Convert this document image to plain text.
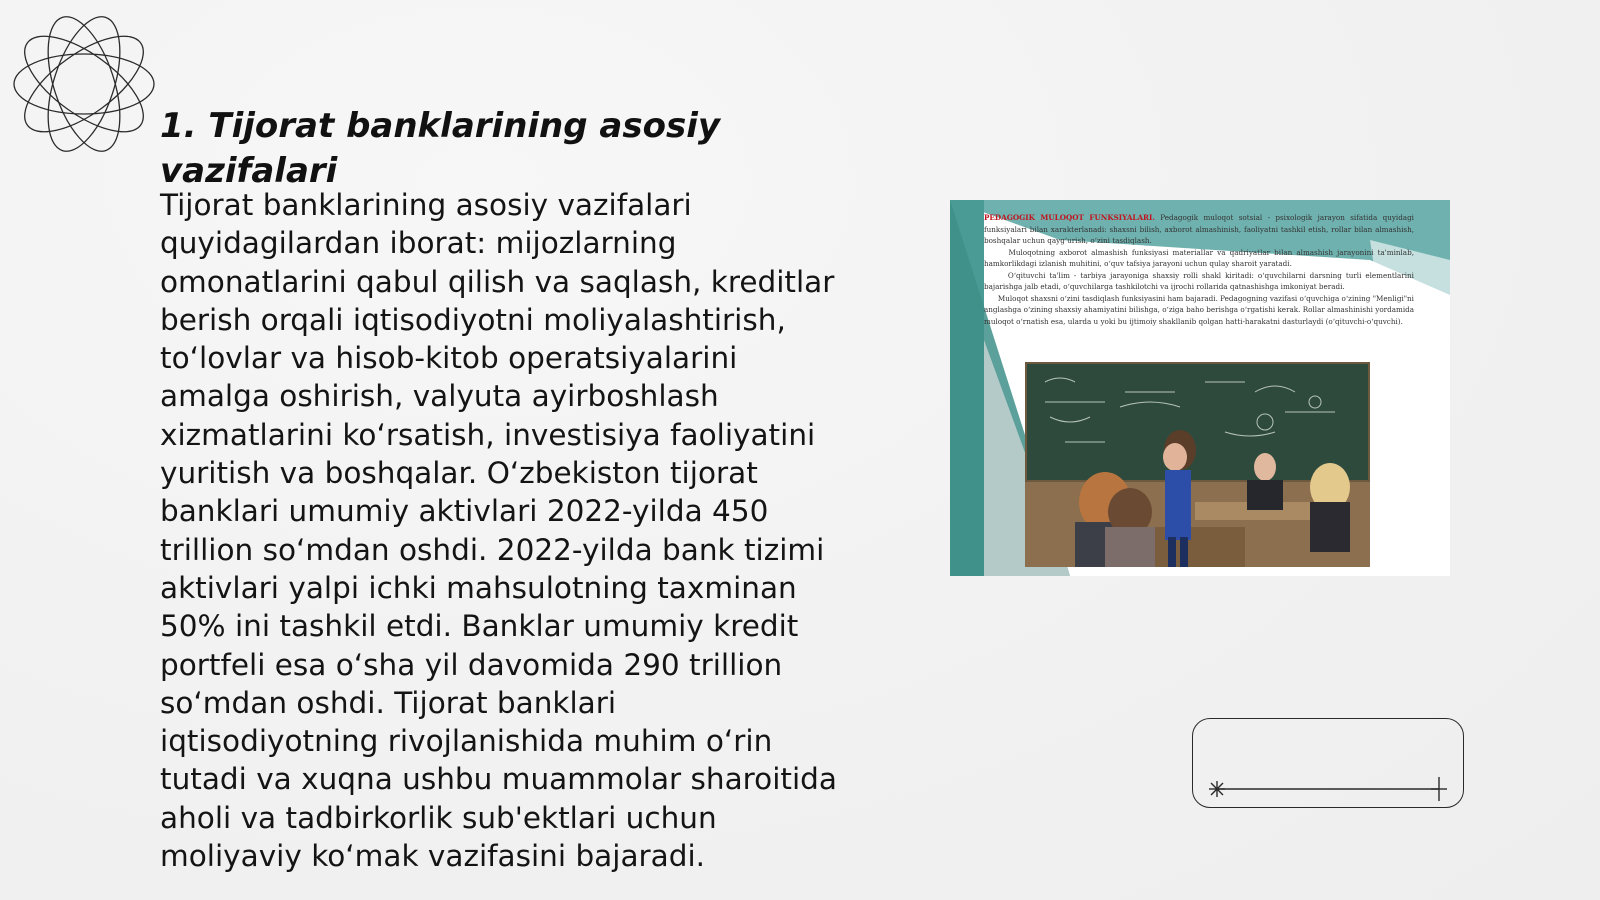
1. Tijorat banklarining asosiy vazifalari

Tijorat banklarining asosiy vazifalari quyidagilardan iborat: mijozlarning omonatlarini qabul qilish va saqlash, kreditlar berish orqali iqtisodiyotni moliyalashtirish, toʻlovlar va hisob-kitob operatsiyalarini amalga oshirish, valyuta ayirboshlash xizmatlarini koʻrsatish, investisiya faoliyatini yuritish va boshqalar. Oʻzbekiston tijorat banklari umumiy aktivlari 2022-yilda 450 trillion soʻmdan oshdi. 2022-yilda bank tizimi aktivlari yalpi ichki mahsulotning taxminan 50% ini tashkil etdi. Banklar umumiy kredit portfeli esa oʻsha yil davomida 290 trillion soʻmdan oshdi. Tijorat banklari iqtisodiyotning rivojlanishida muhim oʻrin tutadi va xuqna ushbu muammolar sharoitida aholi va tadbirkorlik sub'ektlari uchun moliyaviy koʻmak vazifasini bajaradi.

PEDAGOGIK MULOQOT FUNKSIYALARI. Pedagogik muloqot sotsial - psixologik jarayon sifatida quyidagi funksiyalari bilan xarakterlanadi: shaxsni bilish, axborot almashinish, faoliyatni tashkil etish, rollar bilan almashish, boshqalar uchun qaygʻurish, oʻzini tasdiqlash.
Muloqotning axborot almashish funksiyasi materiallar va qadriyatlar bilan almashish jarayonini ta'minlab, hamkorlikdagi izlanish muhitini, oʻquv tafsiya jarayoni uchun qulay sharoit yaratadi.
Oʻqituvchi ta'lim - tarbiya jarayoniga shaxsiy rolli shakl kiritadi: oʻquvchilarni darsning turli elementlarini bajarishga jalb etadi, oʻquvchilarga tashkilotchi va ijrochi rollarida qatnashishga imkoniyat beradi.
Muloqot shaxsni oʻzini tasdiqlash funksiyasini ham bajaradi. Pedagogning vazifasi oʻquvchiga oʻzining "Menligi"ni anglashga oʻzining shaxsiy ahamiyatini bilishga, oʻziga baho berishga oʻrgatishi kerak. Rollar almashinishi yordamida muloqot oʻrnatish esa, ularda u yoki bu ijtimoiy shakllanib qolgan hatti-harakatni dasturlaydi (oʻqituvchi-oʻquvchi).
